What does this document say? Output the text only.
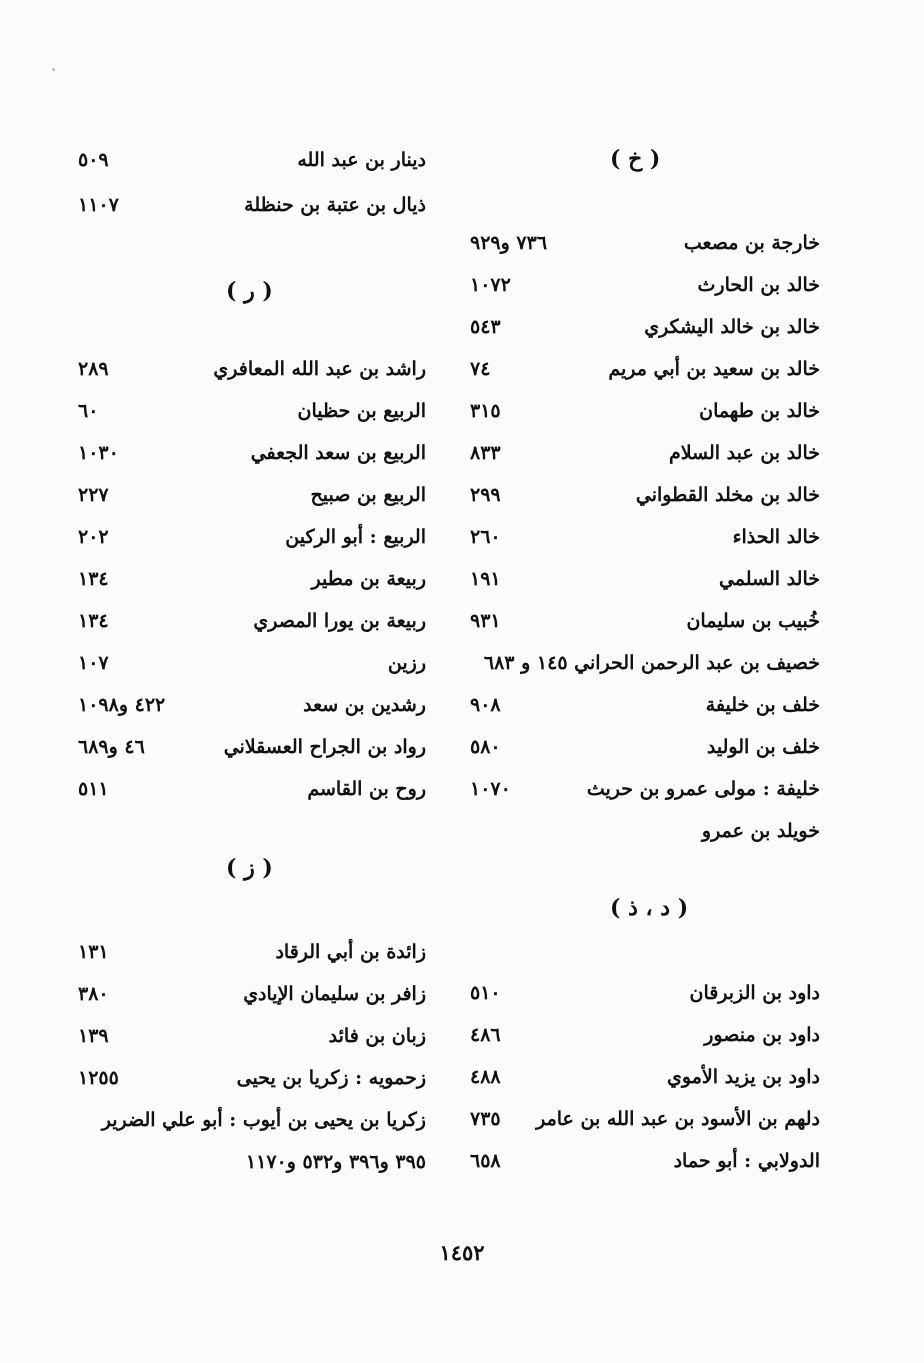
( خ )
خارجة بن مصعب
٧٣٦ و٩٢٩
خالد بن الحارث
١٠٧٢
خالد بن خالد اليشكري
٥٤٣
خالد بن سعيد بن أبي مريم
٧٤
خالد بن طهمان
٣١٥
خالد بن عبد السلام
٨٣٣
خالد بن مخلد القطواني
٢٩٩
خالد الحذاء
٢٦٠
خالد السلمي
١٩١
خُبيب بن سليمان
٩٣١
خصيف بن عبد الرحمن الحراني ١٤٥ و ٦٨٣
خلف بن خليفة
٩٠٨
خلف بن الوليد
٥٨٠
خليفة : مولى عمرو بن حريث
١٠٧٠
خويلد بن عمرو
( د ، ذ )
داود بن الزبرقان
٥١٠
داود بن منصور
٤٨٦
داود بن يزيد الأموي
٤٨٨
دلهم بن الأسود بن عبد الله بن عامر
٧٣٥
الدولابي : أبو حماد
٦٥٨
دينار بن عبد الله
٥٠٩
ذيال بن عتبة بن حنظلة
١١٠٧
( ر )
راشد بن عبد الله المعافري
٢٨٩
الربيع بن حظيان
٦٠
الربيع بن سعد الجعفي
١٠٣٠
الربيع بن صبيح
٢٢٧
الربيع : أبو الركين
٢٠٢
ربيعة بن مطير
١٣٤
ربيعة بن يورا المصري
١٣٤
رزين
١٠٧
رشدين بن سعد
٤٢٢ و١٠٩٨
رواد بن الجراح العسقلاني
٤٦ و٦٨٩
روح بن القاسم
٥١١
( ز )
زائدة بن أبي الرقاد
١٣١
زافر بن سليمان الإيادي
٣٨٠
زبان بن فائد
١٣٩
زحمويه : زكريا بن يحيى
١٢٥٥
زكريا بن يحيى بن أيوب : أبو علي الضرير
٣٩٥ و٣٩٦ و٥٣٢ و١١٧٠
١٤٥٢
